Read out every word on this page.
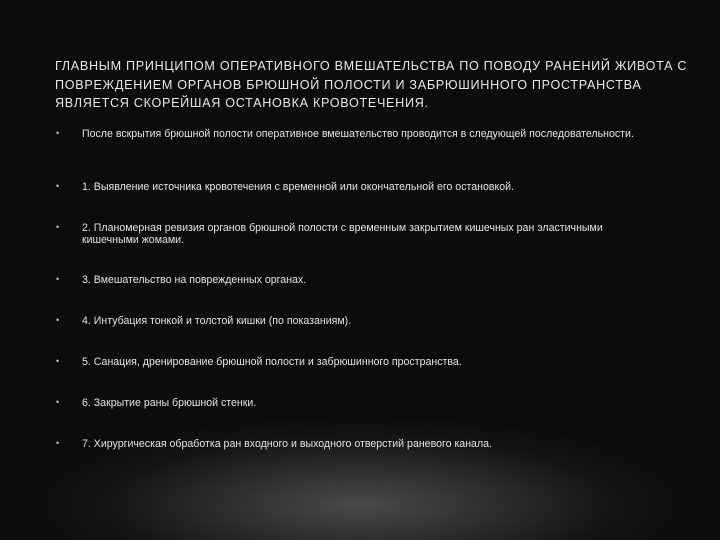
ГЛАВНЫМ ПРИНЦИПОМ ОПЕРАТИВНОГО ВМЕШАТЕЛЬСТВА ПО ПОВОДУ РАНЕНИЙ ЖИВОТА С ПОВРЕЖДЕНИЕМ ОРГАНОВ БРЮШНОЙ ПОЛОСТИ И ЗАБРЮШИННОГО ПРОСТРАНСТВА ЯВЛЯЕТСЯ СКОРЕЙШАЯ ОСТАНОВКА КРОВОТЕЧЕНИЯ.
• После вскрытия брюшной полости оперативное вмешательство проводится в следующей последовательности.
• 1. Выявление источника кровотечения с временной или окончательной его остановкой.
• 2. Планомерная ревизия органов брюшной полости с временным закрытием кишечных ран эластичными кишечными жомами.
• 3. Вмешательство на поврежденных органах.
• 4. Интубация тонкой и толстой кишки (по показаниям).
• 5. Санация, дренирование брюшной полости и забрюшинного пространства.
• 6. Закрытие раны брюшной стенки.
• 7. Хирургическая обработка ран входного и выходного отверстий раневого канала.
